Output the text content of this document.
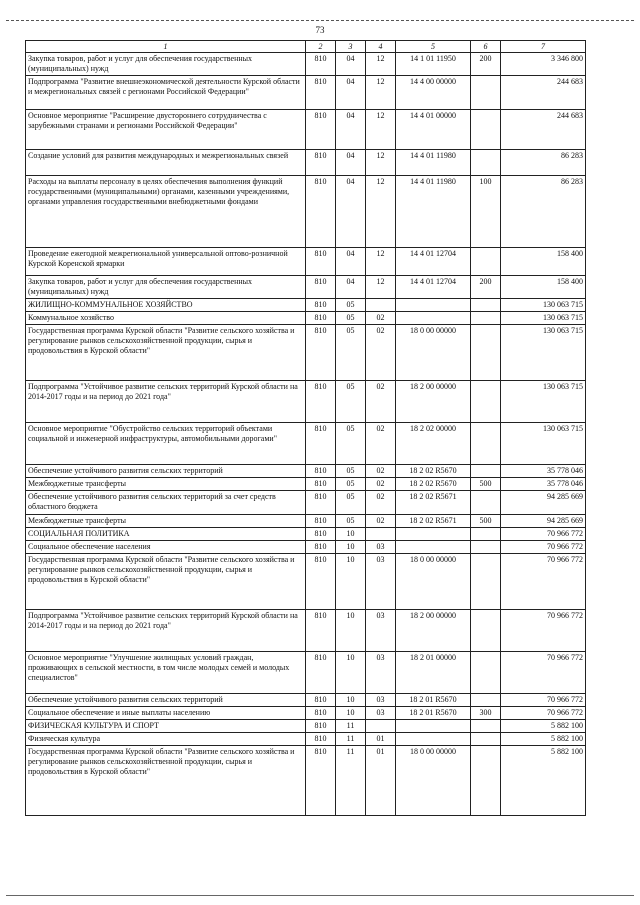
73
1	2	3	4	5	6	7
Закупка товаров, работ и услуг для обеспечения государственных (муниципальных) нужд	810	04	12	14 1 01 11950	200	3 346 800
Подпрограмма "Развитие внешнеэкономической деятельности Курской области и межрегиональных связей с регионами Российской Федерации"	810	04	12	14 4 00 00000		244 683
Основное мероприятие "Расширение двустороннего сотрудничества с зарубежными странами и регионами Российской Федерации"	810	04	12	14 4 01 00000		244 683
Создание условий для развития международных и межрегиональных связей	810	04	12	14 4 01 11980		86 283
Расходы на выплаты персоналу в целях обеспечения выполнения функций государственными (муниципальными) органами, казенными учреждениями, органами управления государственными внебюджетными фондами	810	04	12	14 4 01 11980	100	86 283
Проведение ежегодной межрегиональной универсальной оптово-розничной Курской Коренской ярмарки	810	04	12	14 4 01 12704		158 400
Закупка товаров, работ и услуг для обеспечения государственных (муниципальных) нужд	810	04	12	14 4 01 12704	200	158 400
ЖИЛИЩНО-КОММУНАЛЬНОЕ ХОЗЯЙСТВО	810	05				130 063 715
Коммунальное хозяйство	810	05	02			130 063 715
Государственная программа Курской области "Развитие сельского хозяйства и регулирование рынков сельскохозяйственной продукции, сырья и продовольствия в Курской области"	810	05	02	18 0 00 00000		130 063 715
Подпрограмма "Устойчивое развитие сельских территорий Курской области на 2014-2017 годы и на период до 2021 года"	810	05	02	18 2 00 00000		130 063 715
Основное мероприятие "Обустройство сельских территорий объектами социальной и инженерной инфраструктуры, автомобильными дорогами"	810	05	02	18 2 02 00000		130 063 715
Обеспечение устойчивого развития сельских территорий	810	05	02	18 2 02 R5670		35 778 046
Межбюджетные трансферты	810	05	02	18 2 02 R5670	500	35 778 046
Обеспечение устойчивого развития сельских территорий за счет средств областного бюджета	810	05	02	18 2 02 R5671		94 285 669
Межбюджетные трансферты	810	05	02	18 2 02 R5671	500	94 285 669
СОЦИАЛЬНАЯ ПОЛИТИКА	810	10				70 966 772
Социальное обеспечение населения	810	10	03			70 966 772
Государственная программа Курской области "Развитие сельского хозяйства и регулирование рынков сельскохозяйственной продукции, сырья и продовольствия в Курской области"	810	10	03	18 0 00 00000		70 966 772
Подпрограмма "Устойчивое развитие сельских территорий Курской области на 2014-2017 годы и на период до 2021 года"	810	10	03	18 2 00 00000		70 966 772
Основное мероприятие "Улучшение жилищных условий граждан, проживающих в сельской местности, в том числе молодых семей и молодых специалистов"	810	10	03	18 2 01 00000		70 966 772
Обеспечение устойчивого развития сельских территорий	810	10	03	18 2 01 R5670		70 966 772
Социальное обеспечение и иные выплаты населению	810	10	03	18 2 01 R5670	300	70 966 772
ФИЗИЧЕСКАЯ КУЛЬТУРА И СПОРТ	810	11				5 882 100
Физическая культура	810	11	01			5 882 100
Государственная программа Курской области "Развитие сельского хозяйства и регулирование рынков сельскохозяйственной продукции, сырья и продовольствия в Курской области"	810	11	01	18 0 00 00000		5 882 100
